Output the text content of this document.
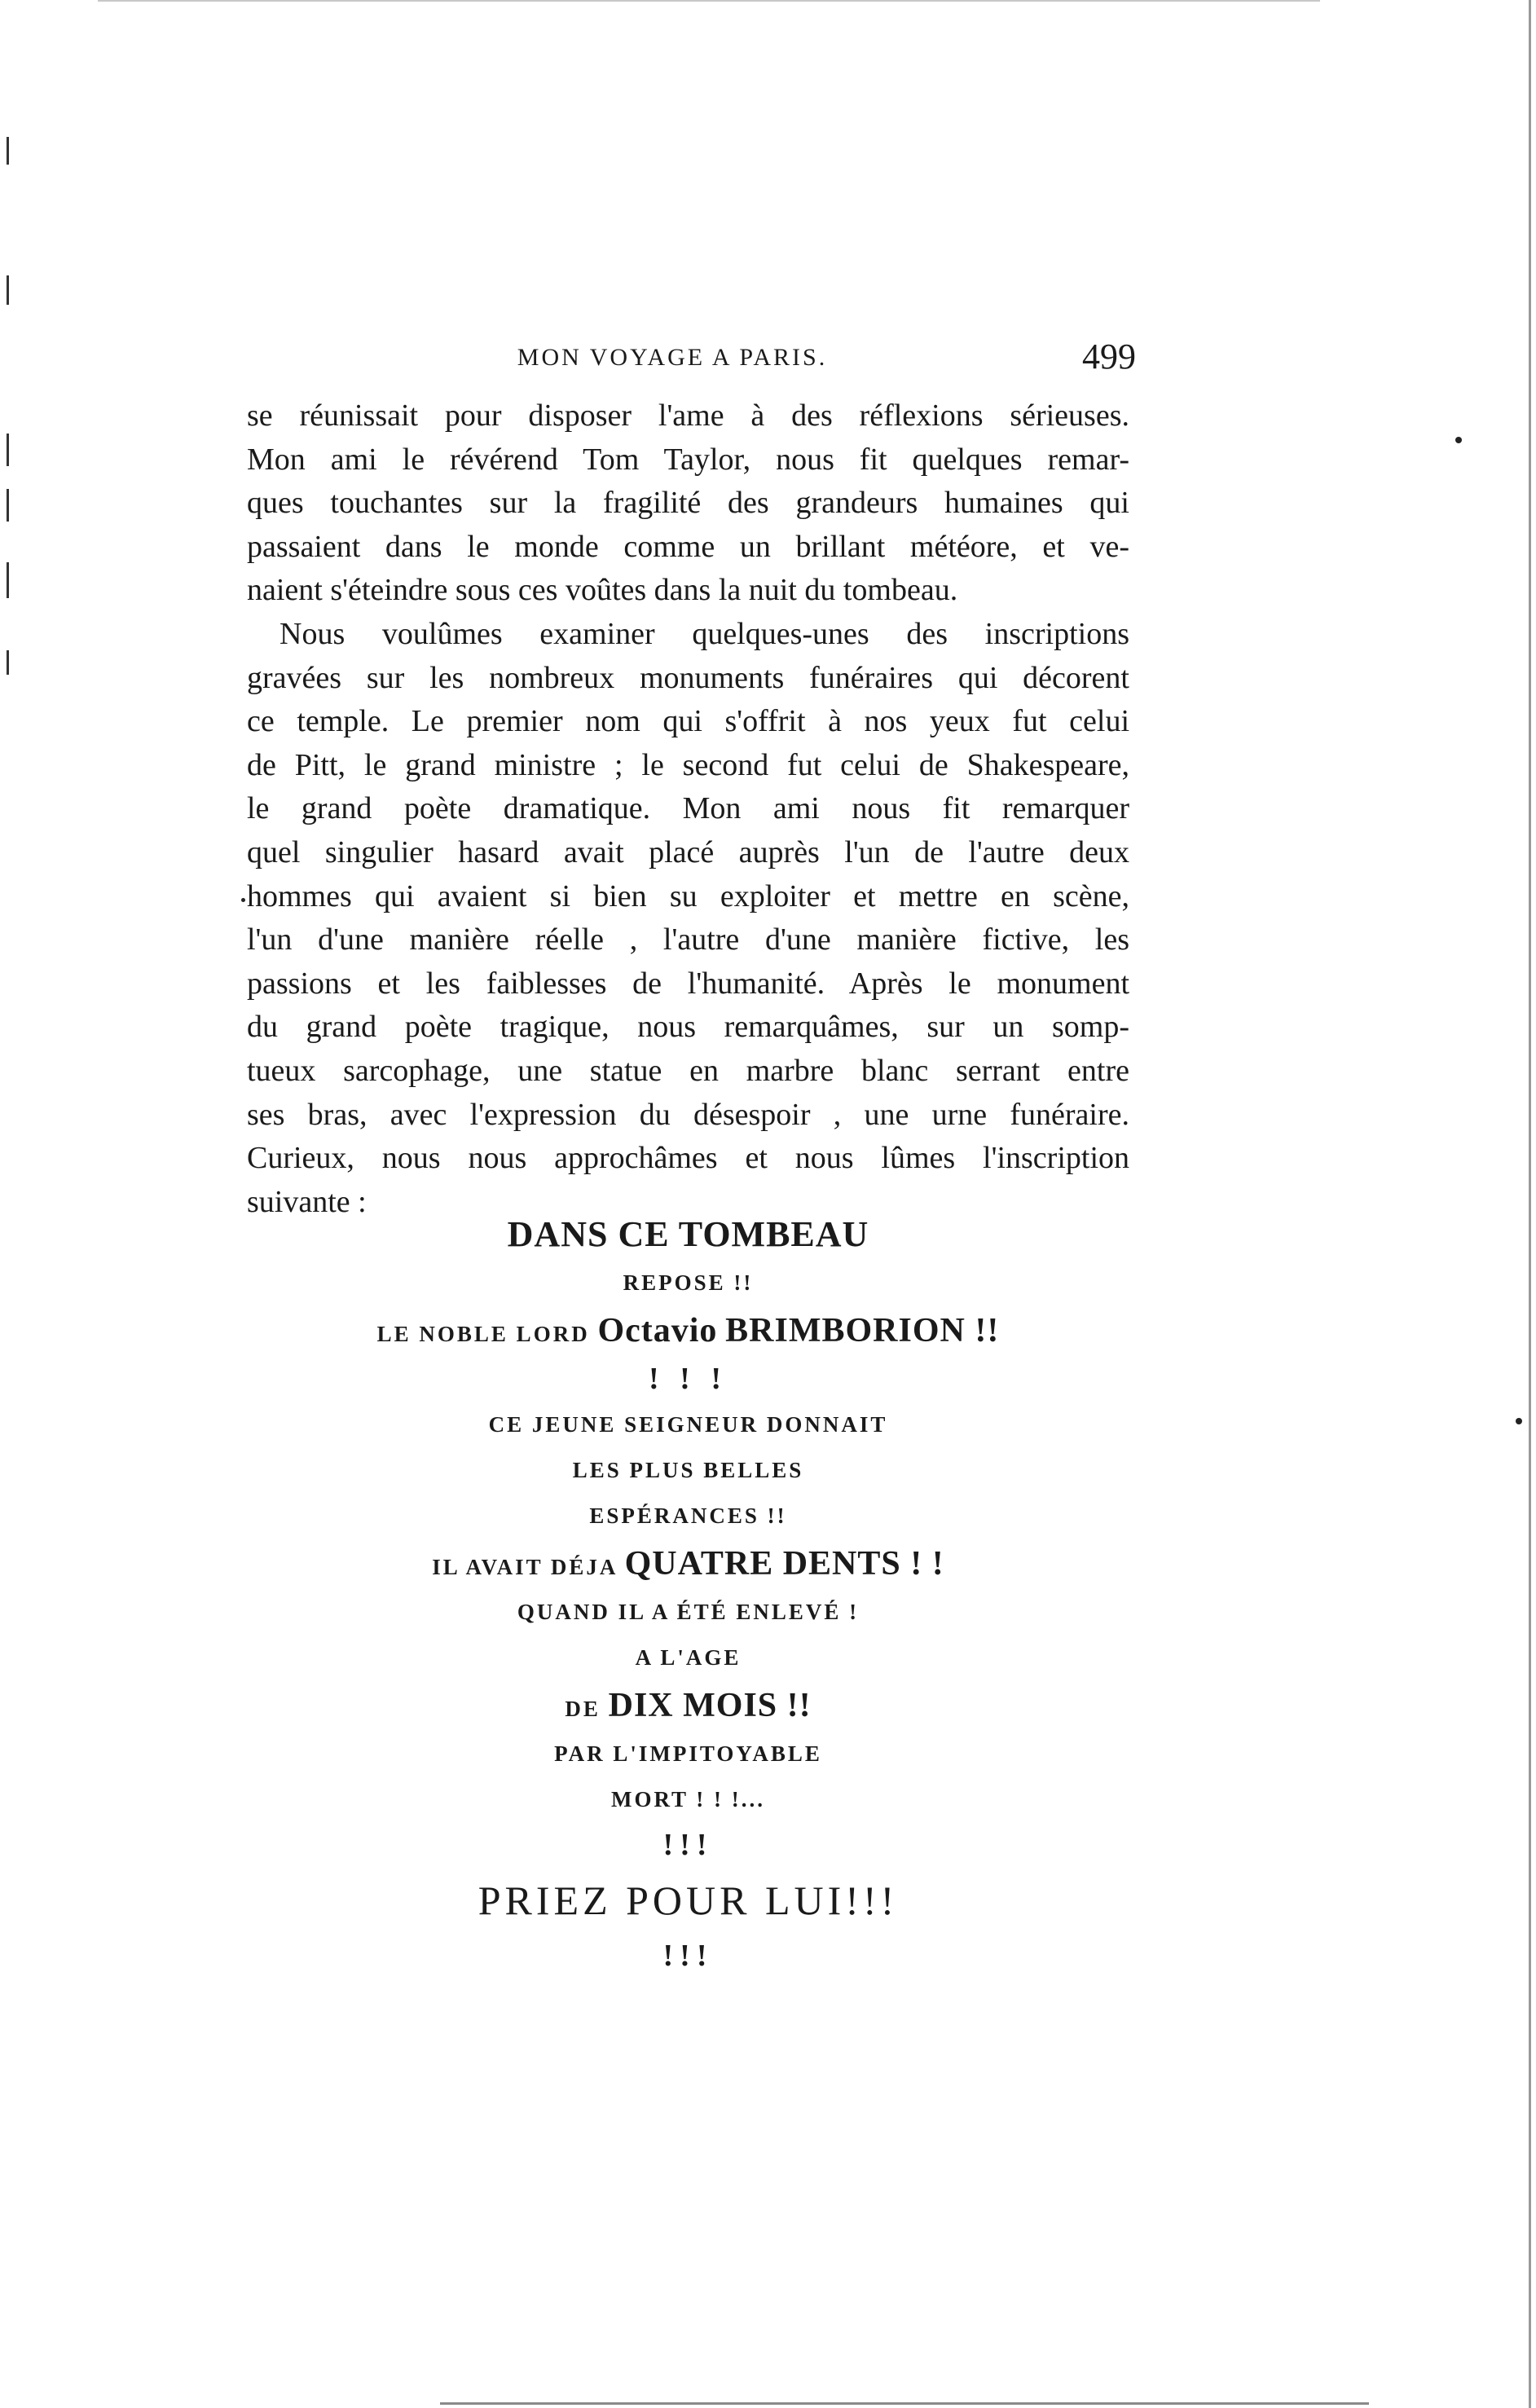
MON VOYAGE A PARIS.	499
se réunissait pour disposer l'ame à des réflexions sérieuses.
Mon ami le révérend Tom Taylor, nous fit quelques remar-
ques touchantes sur la fragilité des grandeurs humaines qui
passaient dans le monde comme un brillant météore, et ve-
naient s'éteindre sous ces voûtes dans la nuit du tombeau.
Nous voulûmes examiner quelques-unes des inscriptions
gravées sur les nombreux monuments funéraires qui décorent
ce temple. Le premier nom qui s'offrit à nos yeux fut celui
de Pitt, le grand ministre ; le second fut celui de Shakespeare,
le grand poète dramatique. Mon ami nous fit remarquer
quel singulier hasard avait placé auprès l'un de l'autre deux
hommes qui avaient si bien su exploiter et mettre en scène,
l'un d'une manière réelle , l'autre d'une manière fictive, les
passions et les faiblesses de l'humanité. Après le monument
du grand poète tragique, nous remarquâmes, sur un somp-
tueux sarcophage, une statue en marbre blanc serrant entre
ses bras, avec l'expression du désespoir , une urne funéraire.
Curieux, nous nous approchâmes et nous lûmes l'inscription
suivante :
DANS CE TOMBEAU
REPOSE !!
LE NOBLE LORD Octavio BRIMBORION !!
! ! !
CE JEUNE SEIGNEUR DONNAIT
LES PLUS BELLES
ESPÉRANCES !!
IL AVAIT DÉJA QUATRE DENTS ! !
QUAND IL A ÉTÉ ENLEVÉ !
A L'AGE
DE DIX MOIS !!
PAR L'IMPITOYABLE
MORT ! ! !...
!!!
PRIEZ POUR LUI!!!
!!!
